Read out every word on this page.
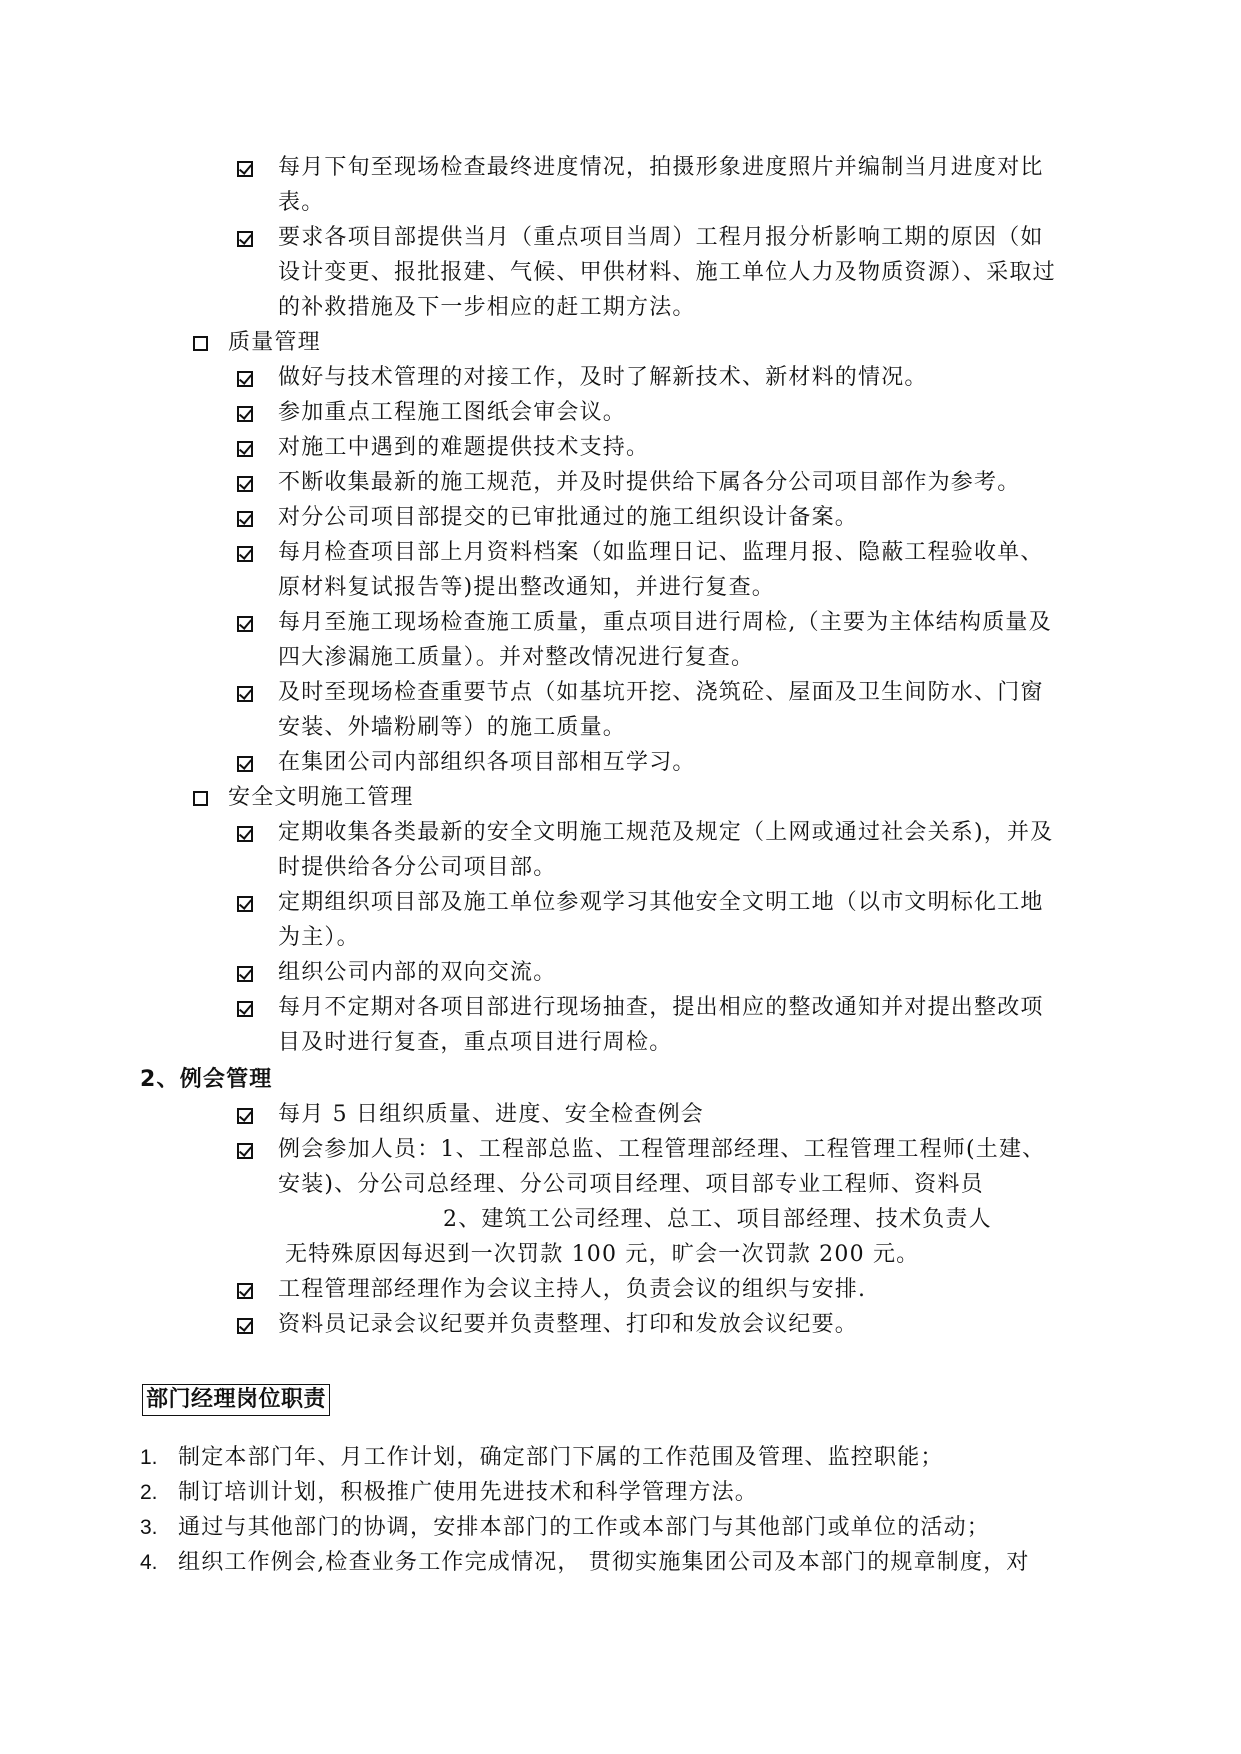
每月下旬至现场检查最终进度情况，拍摄形象进度照片并编制当月进度对比
表。
要求各项目部提供当月（重点项目当周）工程月报分析影响工期的原因（如
设计变更、报批报建、气候、甲供材料、施工单位人力及物质资源）、采取过
的补救措施及下一步相应的赶工期方法。
质量管理
做好与技术管理的对接工作，及时了解新技术、新材料的情况。
参加重点工程施工图纸会审会议。
对施工中遇到的难题提供技术支持。
不断收集最新的施工规范，并及时提供给下属各分公司项目部作为参考。
对分公司项目部提交的已审批通过的施工组织设计备案。
每月检查项目部上月资料档案（如监理日记、监理月报、隐蔽工程验收单、
原材料复试报告等)提出整改通知，并进行复查。
每月至施工现场检查施工质量，重点项目进行周检,（主要为主体结构质量及
四大渗漏施工质量）。并对整改情况进行复查。
及时至现场检查重要节点（如基坑开挖、浇筑砼、屋面及卫生间防水、门窗
安装、外墙粉刷等）的施工质量。
在集团公司内部组织各项目部相互学习。
安全文明施工管理
定期收集各类最新的安全文明施工规范及规定（上网或通过社会关系)，并及
时提供给各分公司项目部。
定期组织项目部及施工单位参观学习其他安全文明工地（以市文明标化工地
为主）。
组织公司内部的双向交流。
每月不定期对各项目部进行现场抽查，提出相应的整改通知并对提出整改项
目及时进行复查，重点项目进行周检。
2、例会管理
每月 5 日组织质量、进度、安全检查例会
例会参加人员：1、工程部总监、工程管理部经理、工程管理工程师(土建、
安装)、分公司总经理、分公司项目经理、项目部专业工程师、资料员
2、建筑工公司经理、总工、项目部经理、技术负责人
无特殊原因每迟到一次罚款 100 元，旷会一次罚款 200 元。
工程管理部经理作为会议主持人，负责会议的组织与安排.
资料员记录会议纪要并负责整理、打印和发放会议纪要。
部门经理岗位职责
1. 制定本部门年、月工作计划，确定部门下属的工作范围及管理、监控职能；
2. 制订培训计划，积极推广使用先进技术和科学管理方法。
3. 通过与其他部门的协调，安排本部门的工作或本部门与其他部门或单位的活动；
4. 组织工作例会,检查业务工作完成情况， 贯彻实施集团公司及本部门的规章制度，对
